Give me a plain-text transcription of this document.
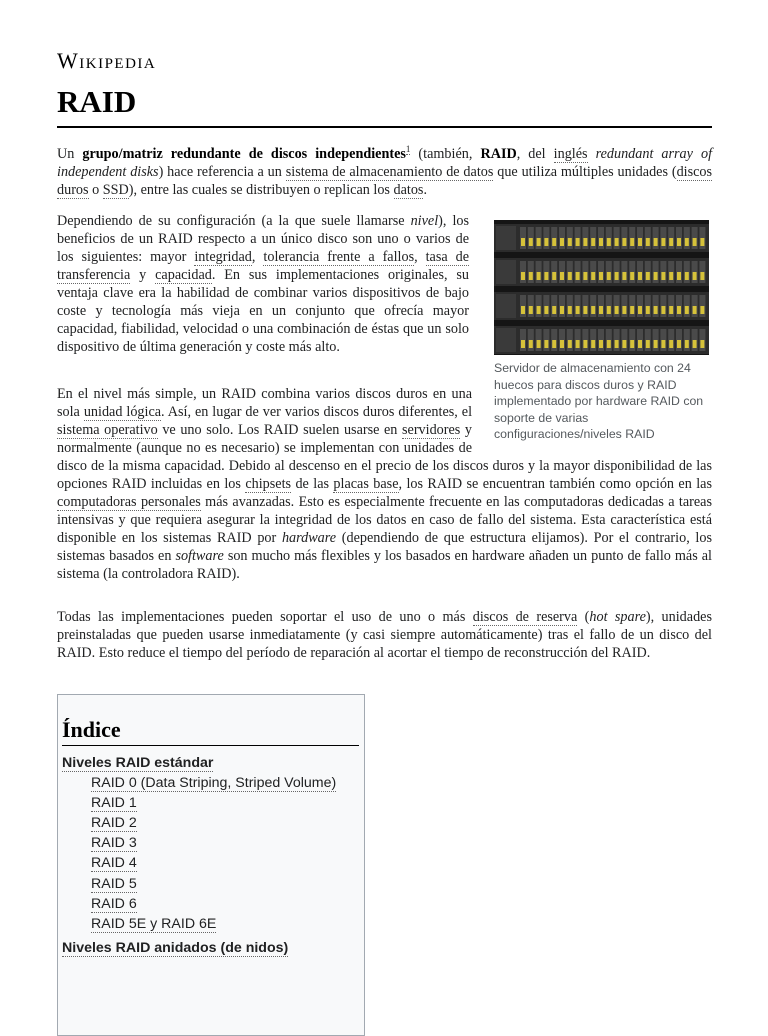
Wikipedia
RAID
Un grupo/matriz redundante de discos independientes$^1$ (también, RAID, del inglés redundant array of independent disks) hace referencia a un sistema de almacenamiento de datos que utiliza múltiples unidades (discos duros o SSD), entre las cuales se distribuyen o replican los datos.
Dependiendo de su configuración (a la que suele llamarse nivel), los beneficios de un RAID respecto a un único disco son uno o varios de los siguientes: mayor integridad, tolerancia frente a fallos, tasa de transferencia y capacidad. En sus implementaciones originales, su ventaja clave era la habilidad de combinar varios dispositivos de bajo coste y tecnología más vieja en un conjunto que ofrecía mayor capacidad, fiabilidad, velocidad o una combinación de éstas que un solo dispositivo de última generación y coste más alto.
Servidor de almacenamiento con 24 huecos para discos duros y RAID implementado por hardware RAID con soporte de varias configuraciones/niveles RAID
En el nivel más simple, un RAID combina varios discos duros en una sola unidad lógica. Así, en lugar de ver varios discos duros diferentes, el sistema operativo ve uno solo. Los RAID suelen usarse en servidores y normalmente (aunque no es necesario) se implementan con unidades de disco de la misma capacidad. Debido al descenso en el precio de los discos duros y la mayor disponibilidad de las opciones RAID incluidas en los chipsets de las placas base, los RAID se encuentran también como opción en las computadoras personales más avanzadas. Esto es especialmente frecuente en las computadoras dedicadas a tareas intensivas y que requiera asegurar la integridad de los datos en caso de fallo del sistema. Esta característica está disponible en los sistemas RAID por hardware (dependiendo de que estructura elijamos). Por el contrario, los sistemas basados en software son mucho más flexibles y los basados en hardware añaden un punto de fallo más al sistema (la controladora RAID).
Todas las implementaciones pueden soportar el uso de uno o más discos de reserva (hot spare), unidades preinstaladas que pueden usarse inmediatamente (y casi siempre automáticamente) tras el fallo de un disco del RAID. Esto reduce el tiempo del período de reparación al acortar el tiempo de reconstrucción del RAID.
Índice
Niveles RAID estándar
RAID 0 (Data Striping, Striped Volume)
RAID 1
RAID 2
RAID 3
RAID 4
RAID 5
RAID 6
RAID 5E y RAID 6E
Niveles RAID anidados (de nidos)
